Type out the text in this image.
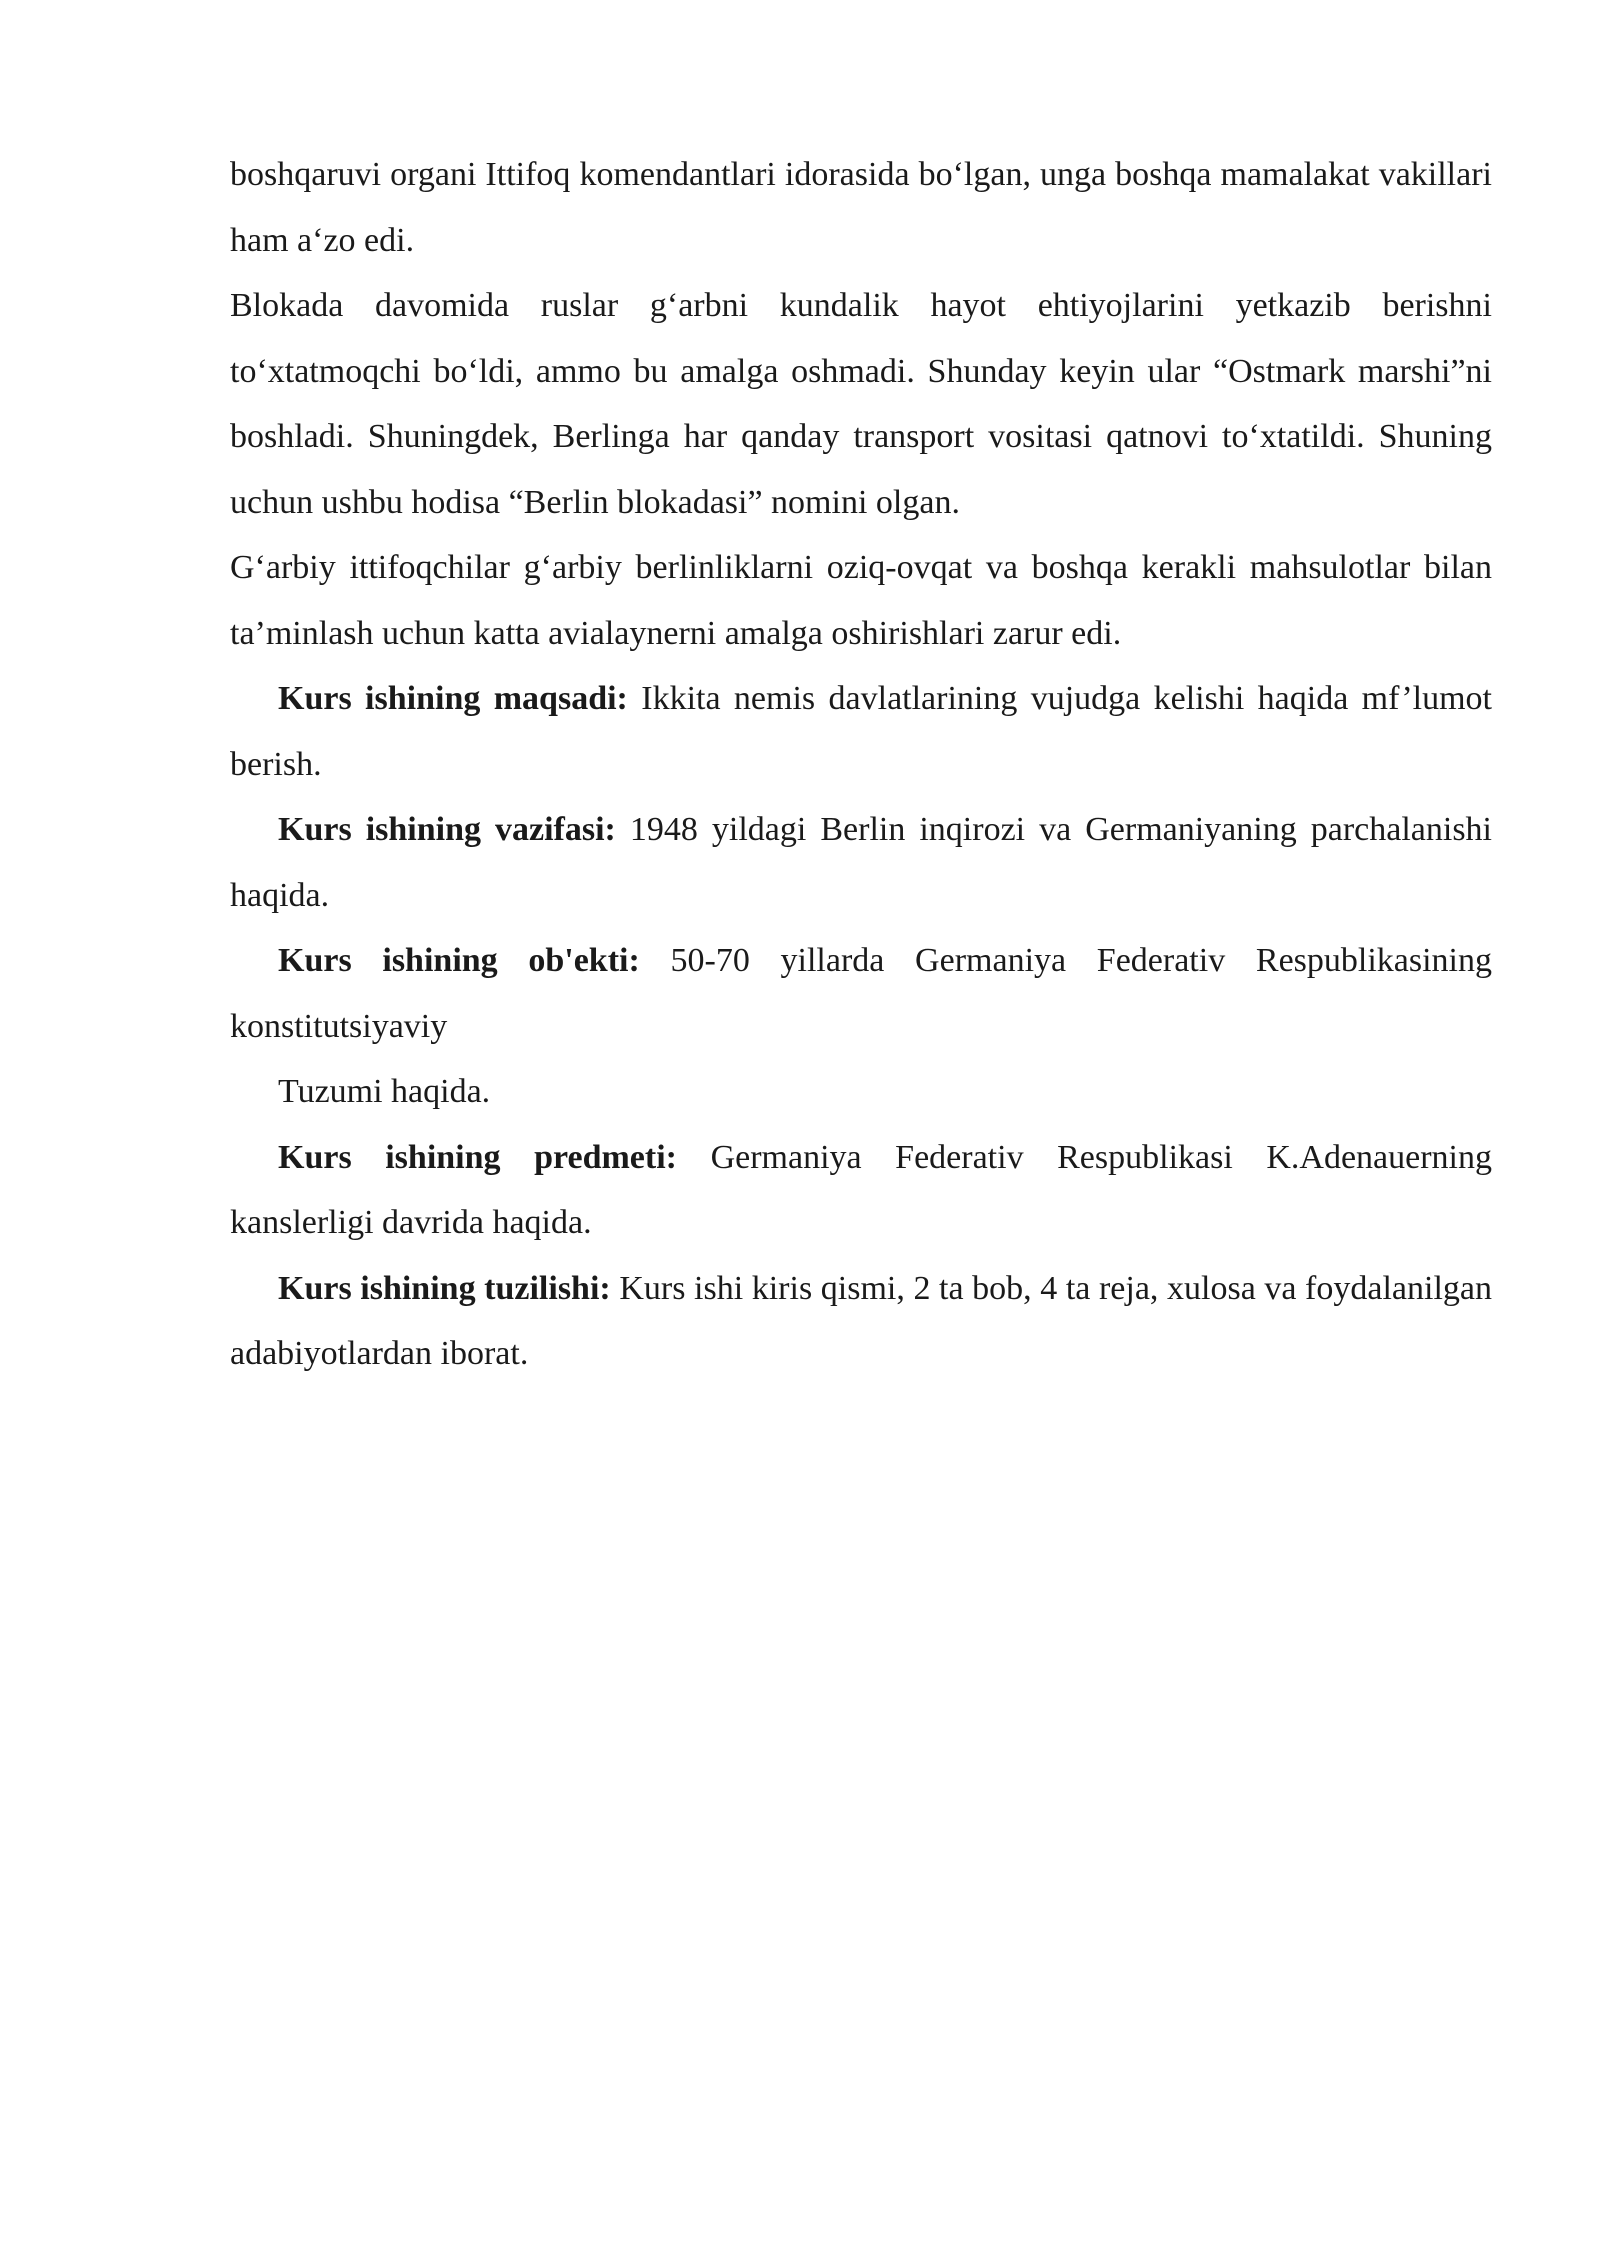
boshqaruvi organi Ittifoq komendantlari idorasida bo‘lgan, unga boshqa mamalakat vakillari ham a‘zo edi.

Blokada davomida ruslar g‘arbni kundalik hayot ehtiyojlarini yetkazib berishni to‘xtatmoqchi bo‘ldi, ammo bu amalga oshmadi. Shunday keyin ular “Ostmark marshi”ni boshladi. Shuningdek, Berlinga har qanday transport vositasi qatnovi to‘xtatildi. Shuning uchun ushbu hodisa “Berlin blokadasi” nomini olgan.

G‘arbiy ittifoqchilar g‘arbiy berlinliklarni oziq-ovqat va boshqa kerakli mahsulotlar bilan ta’minlash uchun katta avialaynerni amalga oshirishlari zarur edi.

Kurs ishining maqsadi: Ikkita nemis davlatlarining vujudga kelishi haqida mf’lumot berish.

Kurs ishining vazifasi: 1948 yildagi Berlin inqirozi va Germaniyaning parchalanishi haqida.

Kurs ishining ob'ekti: 50-70 yillarda Germaniya Federativ Respublikasining konstitutsiyaviy

Tuzumi haqida.

Kurs ishining predmeti: Germaniya Federativ Respublikasi K.Adenauerning kanslerligi davrida haqida.

Kurs ishining tuzilishi: Kurs ishi kiris qismi, 2 ta bob, 4 ta reja, xulosa va foydalanilgan adabiyotlardan iborat.
